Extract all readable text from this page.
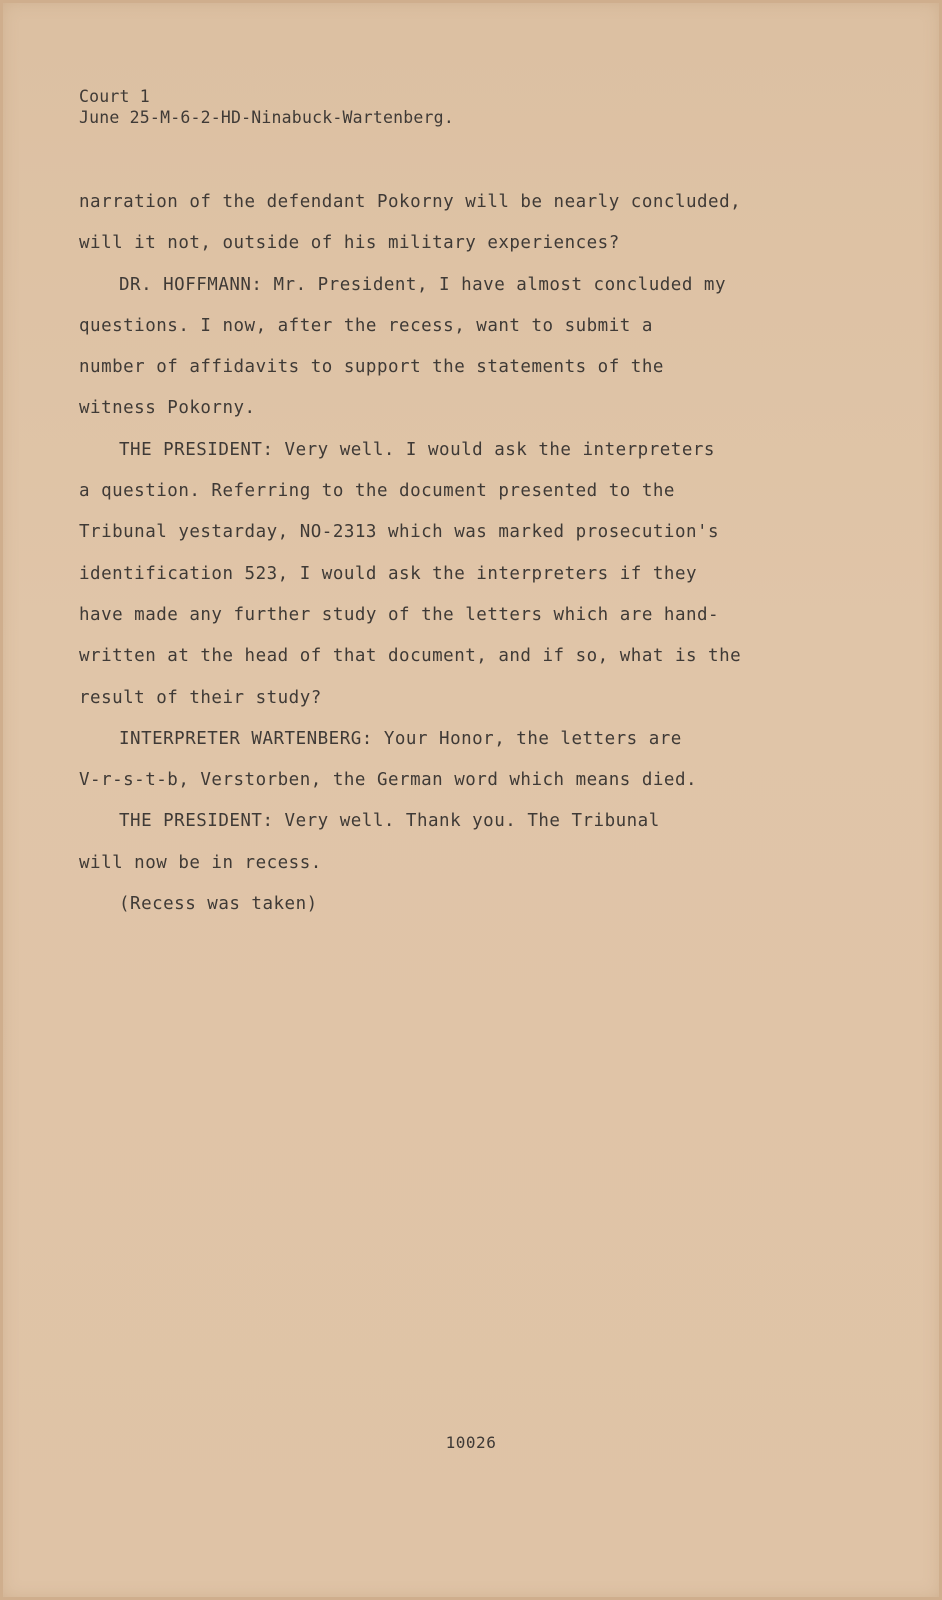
Court 1
June 25-M-6-2-HD-Ninabuck-Wartenberg.
narration of the defendant Pokorny will be nearly concluded,
will it not, outside of his military experiences?
DR. HOFFMANN: Mr. President, I have almost concluded my
questions. I now, after the recess, want to submit a
number of affidavits to support the statements of the
witness Pokorny.
THE PRESIDENT: Very well. I would ask the interpreters
a question. Referring to the document presented to the
Tribunal yestarday, NO-2313 which was marked prosecution's
identification 523, I would ask the interpreters if they
have made any further study of the letters which are hand-
written at the head of that document, and if so, what is the
result of their study?
INTERPRETER WARTENBERG: Your Honor, the letters are
V-r-s-t-b, Verstorben, the German word which means died.
THE PRESIDENT: Very well. Thank you. The Tribunal
will now be in recess.
(Recess was taken)
10026
